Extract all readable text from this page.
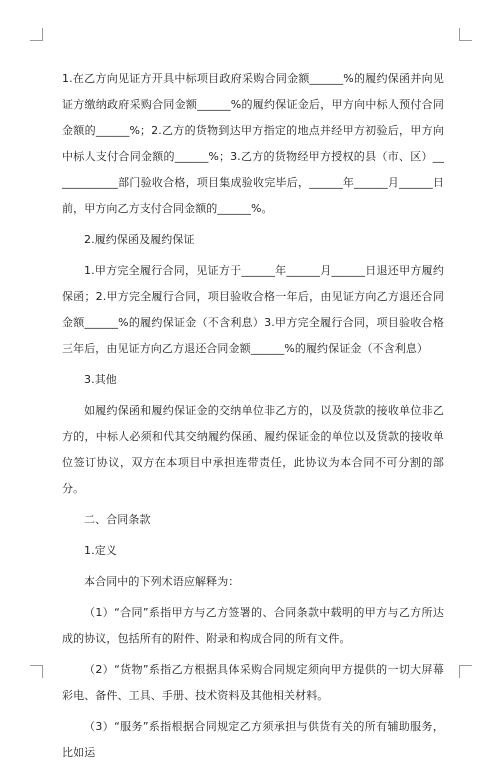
1.在乙方向见证方开具中标项目政府采购合同金额______%的履约保函并向见证方缴纳政府采购合同金额______%的履约保证金后，甲方向中标人预付合同金额的______%；2.乙方的货物到达甲方指定的地点并经甲方初验后，甲方向中标人支付合同金额的______%；3.乙方的货物经甲方授权的县（市、区）____________部门验收合格，项目集成验收完毕后，______年______月______日前，甲方向乙方支付合同金额的______%。

2.履约保函及履约保证

1.甲方完全履行合同，见证方于______年______月______日退还甲方履约保函；2.甲方完全履行合同，项目验收合格一年后，由见证方向乙方退还合同金额______%的履约保证金（不含利息）3.甲方完全履行合同，项目验收合格三年后，由见证方向乙方退还合同金额______%的履约保证金（不含利息）

3.其他

如履约保函和履约保证金的交纳单位非乙方的，以及货款的接收单位非乙方的，中标人必须和代其交纳履约保函、履约保证金的单位以及货款的接收单位签订协议，双方在本项目中承担连带责任，此协议为本合同不可分割的部分。

二、合同条款

1.定义

本合同中的下列术语应解释为：

（1）“合同”系指甲方与乙方签署的、合同条款中载明的甲方与乙方所达成的协议，包括所有的附件、附录和构成合同的所有文件。

（2）“货物”系指乙方根据具体采购合同规定须向甲方提供的一切大屏幕彩电、备件、工具、手册、技术资料及其他相关材料。

（3）“服务”系指根据合同规定乙方须承担与供货有关的所有辅助服务，比如运
